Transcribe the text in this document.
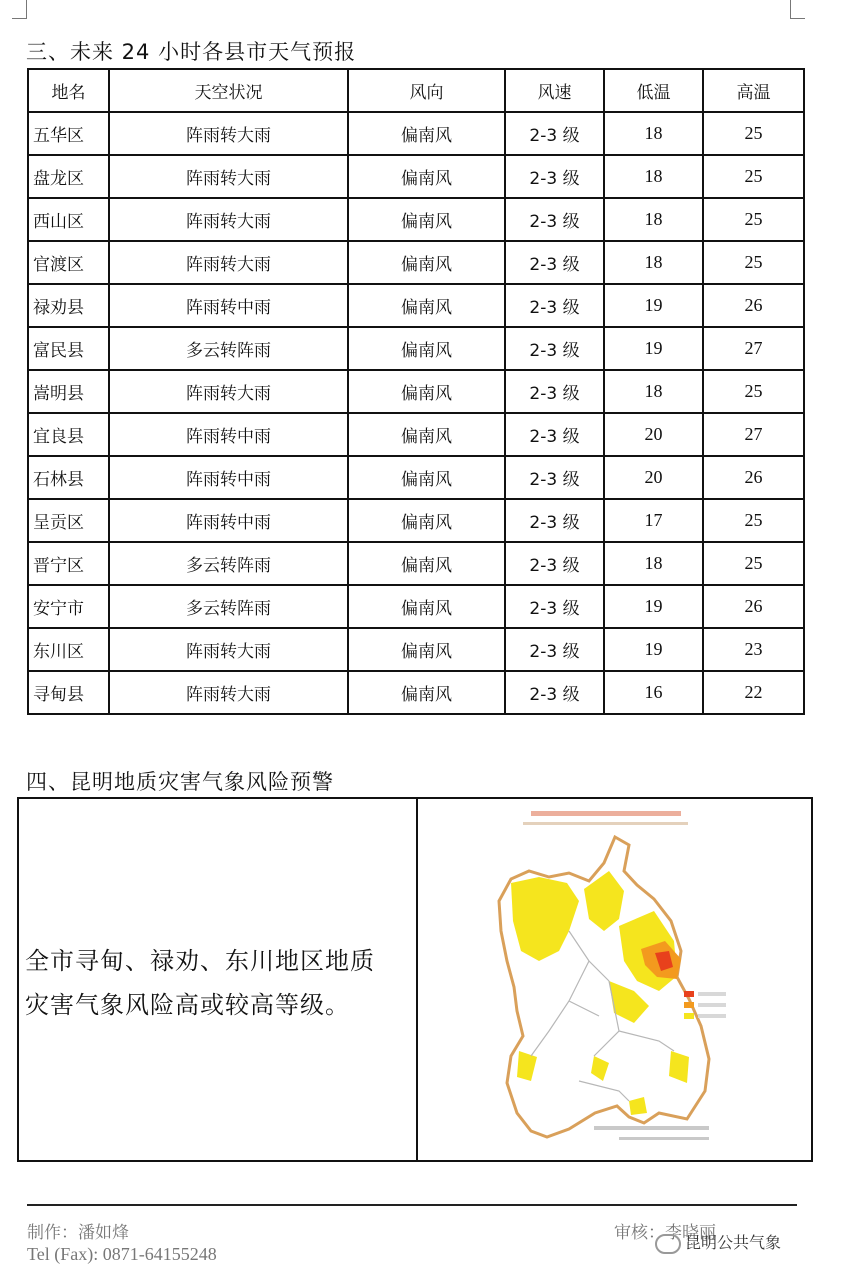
三、未来 24 小时各县市天气预报
地名	天空状况	风向	风速	低温	高温
五华区	阵雨转大雨	偏南风	2-3 级	18	25
盘龙区	阵雨转大雨	偏南风	2-3 级	18	25
西山区	阵雨转大雨	偏南风	2-3 级	18	25
官渡区	阵雨转大雨	偏南风	2-3 级	18	25
禄劝县	阵雨转中雨	偏南风	2-3 级	19	26
富民县	多云转阵雨	偏南风	2-3 级	19	27
嵩明县	阵雨转大雨	偏南风	2-3 级	18	25
宜良县	阵雨转中雨	偏南风	2-3 级	20	27
石林县	阵雨转中雨	偏南风	2-3 级	20	26
呈贡区	阵雨转中雨	偏南风	2-3 级	17	25
晋宁区	多云转阵雨	偏南风	2-3 级	18	25
安宁市	多云转阵雨	偏南风	2-3 级	19	26
东川区	阵雨转大雨	偏南风	2-3 级	19	23
寻甸县	阵雨转大雨	偏南风	2-3 级	16	22
四、昆明地质灾害气象风险预警
全市寻甸、禄劝、东川地区地质
灾害气象风险高或较高等级。
制作：潘如烽
Tel (Fax): 0871-64155248
审核：李晓丽
昆明公共气象
